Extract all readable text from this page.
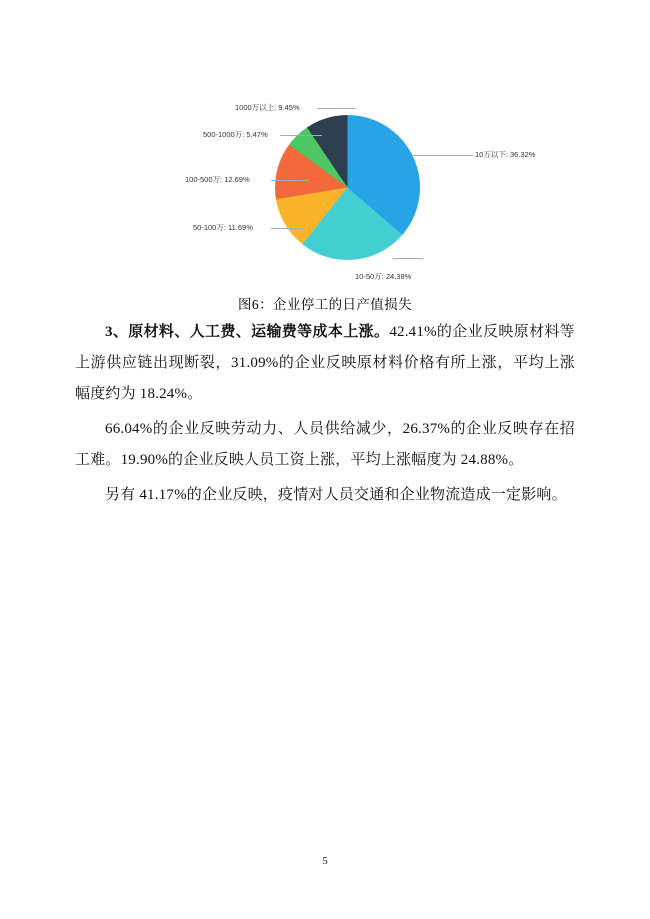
10万以下: 36.32%
10-50万: 24.38%
50-100万: 11.69%
100-500万: 12.69%
500-1000万: 5.47%
1000万以上: 9.45%
图6：企业停工的日产值损失
3、原材料、人工费、运输费等成本上涨。42.41%的企业反映原材料等上游供应链出现断裂，31.09%的企业反映原材料价格有所上涨，平均上涨幅度约为 18.24%。
66.04%的企业反映劳动力、人员供给减少，26.37%的企业反映存在招工难。19.90%的企业反映人员工资上涨，平均上涨幅度为 24.88%。
另有 41.17%的企业反映，疫情对人员交通和企业物流造成一定影响。
5
